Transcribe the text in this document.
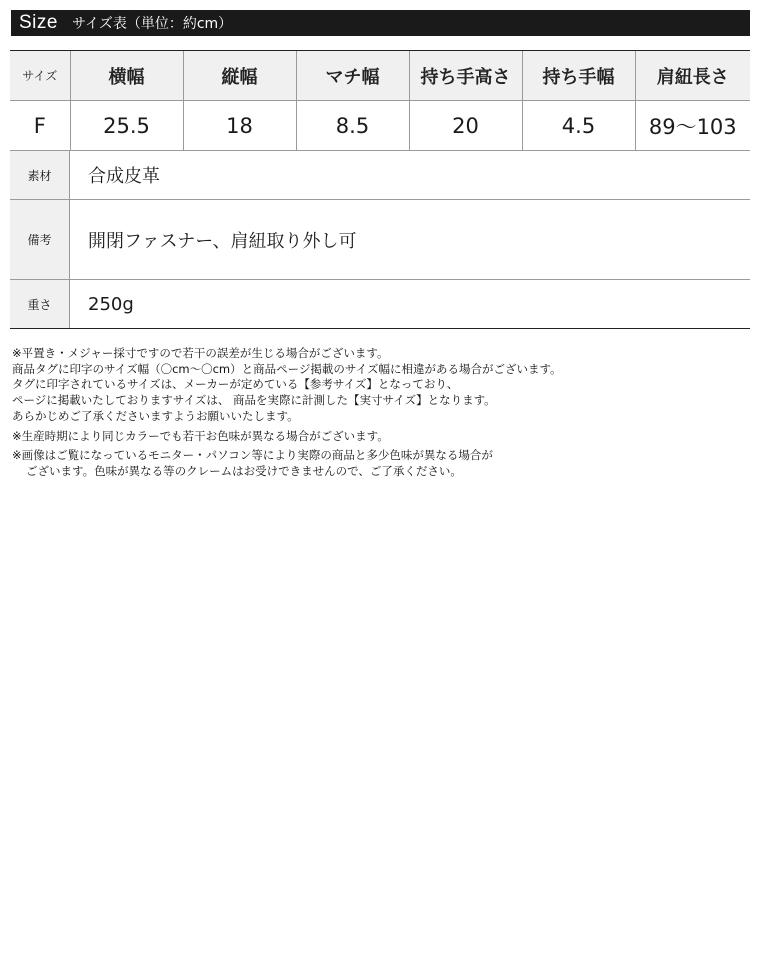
Size サイズ表（単位：約cm）
サイズ	横幅	縦幅	マチ幅	持ち手高さ	持ち手幅	肩紐長さ
F	25.5	18	8.5	20	4.5	89〜103
素材	合成皮革
備考	開閉ファスナー、肩紐取り外し可
重さ	250g

※平置き・メジャー採寸ですので若干の誤差が生じる場合がございます。

商品タグに印字のサイズ幅（〇cm〜〇cm）と商品ページ掲載のサイズ幅に相違がある場合がございます。

タグに印字されているサイズは、メーカーが定めている【参考サイズ】となっており、

ページに掲載いたしておりますサイズは、 商品を実際に計測した【実寸サイズ】となります。

あらかじめご了承くださいますようお願いいたします。

※生産時期により同じカラーでも若干お色味が異なる場合がございます。

※画像はご覧になっているモニター・パソコン等により実際の商品と多少色味が異なる場合が

ございます。色味が異なる等のクレームはお受けできませんので、ご了承ください。
